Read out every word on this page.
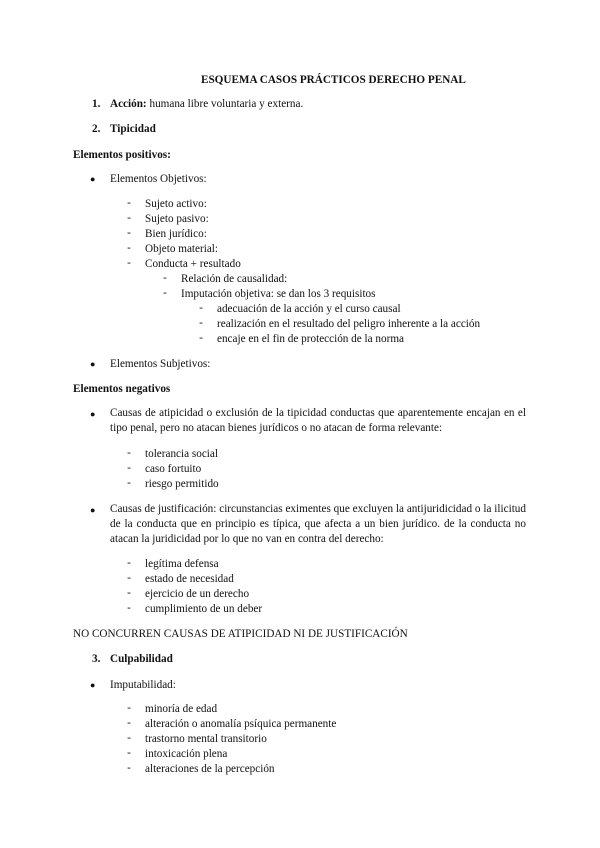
ESQUEMA CASOS PRÁCTICOS DERECHO PENAL
1. Acción: humana libre voluntaria y externa.
2. Tipicidad
Elementos positivos:
● Elementos Objetivos:
- Sujeto activo:
- Sujeto pasivo:
- Bien jurídico:
- Objeto material:
- Conducta + resultado
- Relación de causalidad:
- Imputación objetiva: se dan los 3 requisitos
- adecuación de la acción y el curso causal
- realización en el resultado del peligro inherente a la acción
- encaje en el fin de protección de la norma
● Elementos Subjetivos:
Elementos negativos
● Causas de atipicidad o exclusión de la tipicidad conductas que aparentemente encajan en el tipo penal, pero no atacan bienes jurídicos o no atacan de forma relevante:
- tolerancia social
- caso fortuito
- riesgo permitido
● Causas de justificación: circunstancias eximentes que excluyen la antijuridicidad o la ilicitud de la conducta que en principio es típica, que afecta a un bien jurídico. de la conducta no atacan la juridicidad por lo que no van en contra del derecho:
- legítima defensa
- estado de necesidad
- ejercicio de un derecho
- cumplimiento de un deber
NO CONCURREN CAUSAS DE ATIPICIDAD NI DE JUSTIFICACIÓN
3. Culpabilidad
● Imputabilidad:
- minoría de edad
- alteración o anomalía psíquica permanente
- trastorno mental transitorio
- intoxicación plena
- alteraciones de la percepción
